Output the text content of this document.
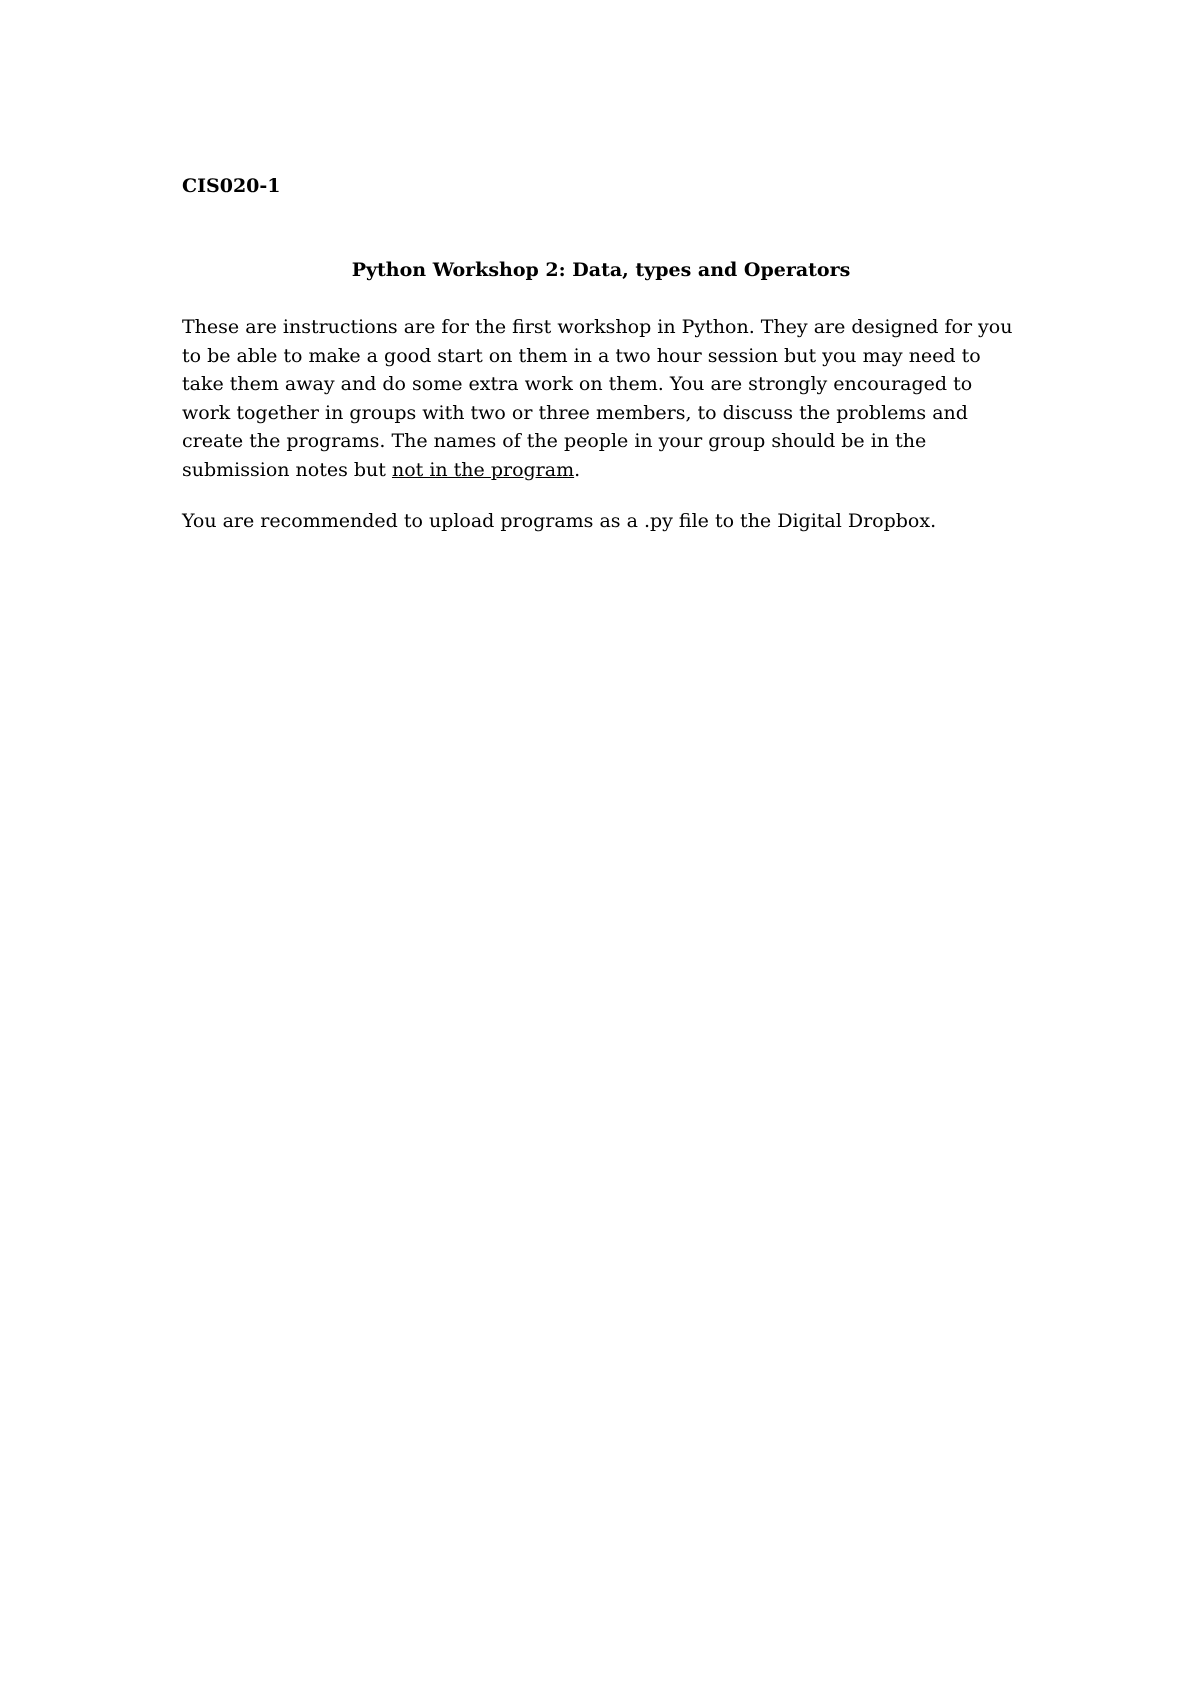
CIS020-1

Python Workshop 2: Data, types and Operators

These are instructions are for the first workshop in Python. They are designed for you
to be able to make a good start on them in a two hour session but you may need to
take them away and do some extra work on them. You are strongly encouraged to
work together in groups with two or three members, to discuss the problems and
create the programs. The names of the people in your group should be in the
submission notes but not in the program.

You are recommended to upload programs as a .py file to the Digital Dropbox.
